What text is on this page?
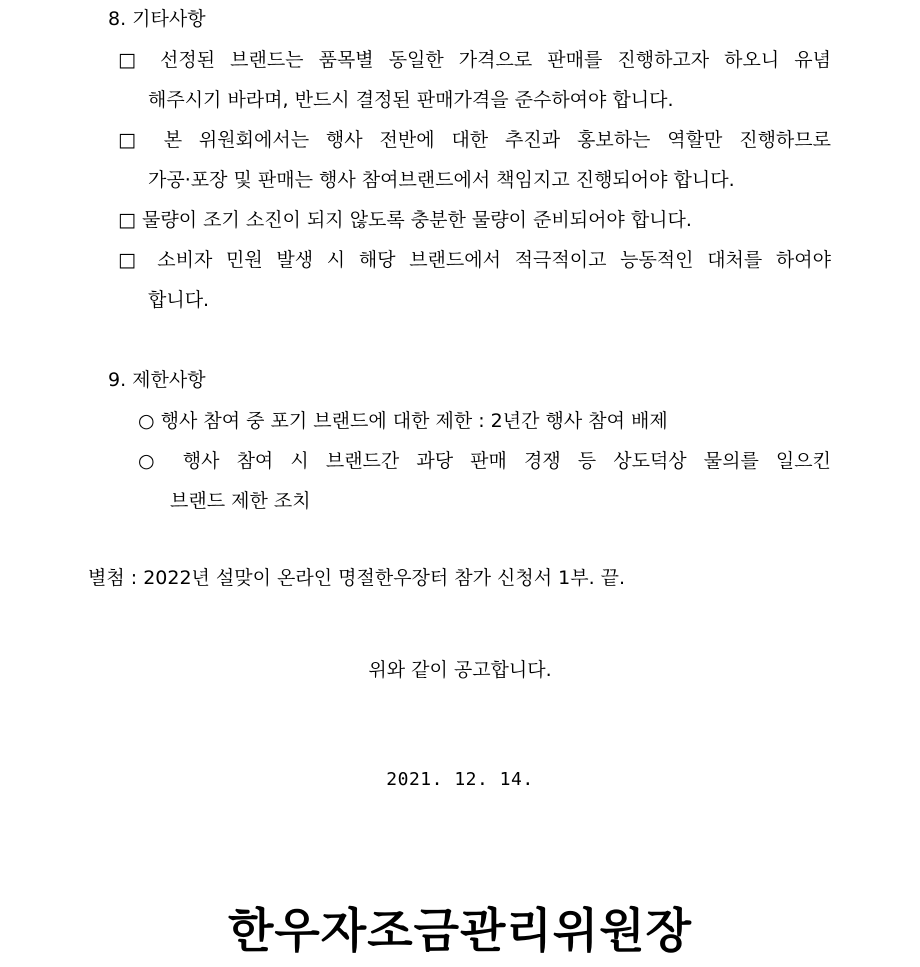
8. 기타사항
□ 선정된 브랜드는 품목별 동일한 가격으로 판매를 진행하고자 하오니 유념
해주시기 바라며, 반드시 결정된 판매가격을 준수하여야 합니다.
□ 본 위원회에서는 행사 전반에 대한 추진과 홍보하는 역할만 진행하므로
가공·포장 및 판매는 행사 참여브랜드에서 책임지고 진행되어야 합니다.
□ 물량이 조기 소진이 되지 않도록 충분한 물량이 준비되어야 합니다.
□ 소비자 민원 발생 시 해당 브랜드에서 적극적이고 능동적인 대처를 하여야
합니다.
9. 제한사항
○ 행사 참여 중 포기 브랜드에 대한 제한 : 2년간 행사 참여 배제
○ 행사 참여 시 브랜드간 과당 판매 경쟁 등 상도덕상 물의를 일으킨
브랜드 제한 조치
별첨 : 2022년 설맞이 온라인 명절한우장터 참가 신청서 1부. 끝.
위와 같이 공고합니다.
2021. 12. 14.
한우자조금관리위원장
